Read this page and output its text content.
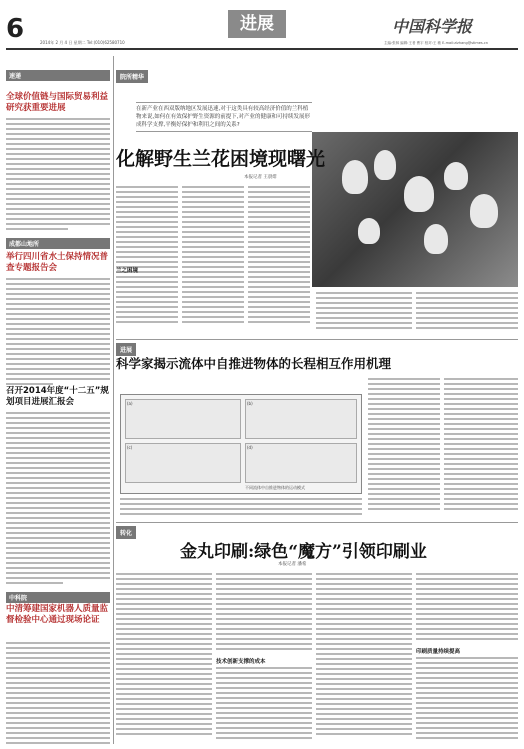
6	2014年 2 月 4 日 星期二 Tel:(010)62580710
进展	中国科学报
主编:张林 编辑:王者 曹宇 校对:王 敏 E-mail:zlzhang@stimes.cn
速递
全球价值链与国际贸易利益研究获重要进展
成都山地所
举行四川省水土保持情况普查专题报告会
召开2014年度“十二五”规划项目进展汇报会
中科院
中清筹建国家机器人质量监督检验中心通过现场论证
院所精华
在新产业在西双版纳地区发展迅速,对于这类具有较高经济价值的兰科植物来说,如何在有效保护野生资源的前提下,对产业的健康和可持续发展形成科学支撑,平衡好保护和利用之间的关系?
化解野生兰花困境现曙光
本报记者 王晨绯
兰之困境
进展
科学家揭示流体中自推进物体的长程相互作用机理
(a)	(b)
(c)	(d)
不同流体中自推进物体的运动模式
转化
金丸印刷:绿色“魔方”引领印刷业
本报记者 潘希
技术创新支撑的成本
印刷质量持续提高
